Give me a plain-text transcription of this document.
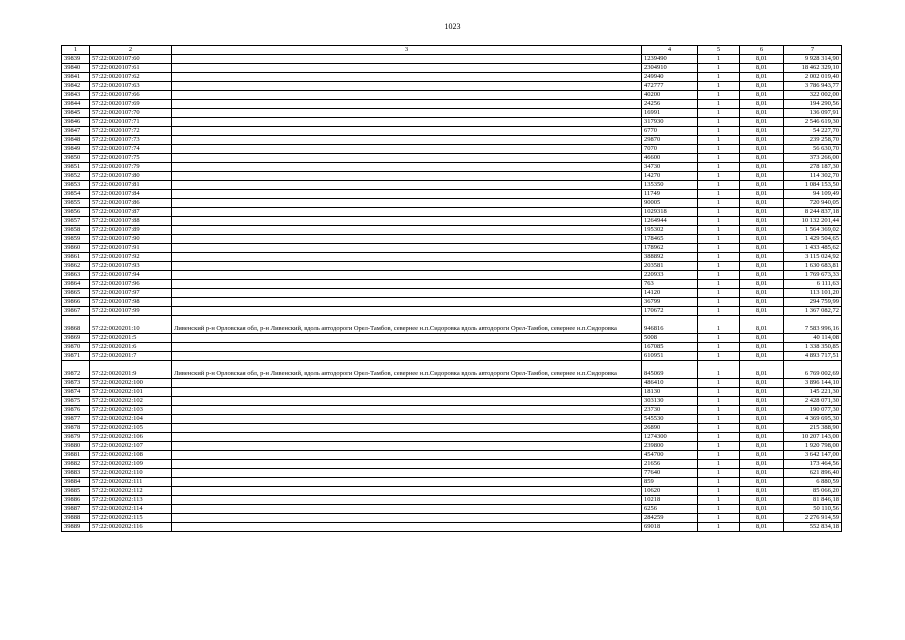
1023
1	2	3	4	5	6	7
39839	57:22:0020107:60		1239490	1	8,01	9 928 314,90
39840	57:22:0020107:61		2304910	1	8,01	18 462 329,10
39841	57:22:0020107:62		249940	1	8,01	2 002 019,40
39842	57:22:0020107:63		472777	1	8,01	3 786 943,77
39843	57:22:0020107:66		40200	1	8,01	322 002,00
39844	57:22:0020107:69		24256	1	8,01	194 290,56
39845	57:22:0020107:70		16991	1	8,01	136 097,91
39846	57:22:0020107:71		317930	1	8,01	2 546 619,30
39847	57:22:0020107:72		6770	1	8,01	54 227,70
39848	57:22:0020107:73		29870	1	8,01	239 258,70
39849	57:22:0020107:74		7070	1	8,01	56 630,70
39850	57:22:0020107:75		46600	1	8,01	373 266,00
39851	57:22:0020107:79		34730	1	8,01	278 187,30
39852	57:22:0020107:80		14270	1	8,01	114 302,70
39853	57:22:0020107:81		135350	1	8,01	1 084 153,50
39854	57:22:0020107:84		11749	1	8,01	94 109,49
39855	57:22:0020107:86		90005	1	8,01	720 940,05
39856	57:22:0020107:87		1029318	1	8,01	8 244 837,18
39857	57:22:0020107:88		1264944	1	8,01	10 132 201,44
39858	57:22:0020107:89		195302	1	8,01	1 564 369,02
39859	57:22:0020107:90		178465	1	8,01	1 429 504,65
39860	57:22:0020107:91		178962	1	8,01	1 433 485,62
39861	57:22:0020107:92		388892	1	8,01	3 115 024,92
39862	57:22:0020107:93		203581	1	8,01	1 630 683,81
39863	57:22:0020107:94		220933	1	8,01	1 769 673,33
39864	57:22:0020107:96		763	1	8,01	6 111,63
39865	57:22:0020107:97		14120	1	8,01	113 101,20
39866	57:22:0020107:98		36799	1	8,01	294 759,99
39867	57:22:0020107:99		170672	1	8,01	1 367 082,72
39868	57:22:0020201:10	Ливенский р-н Орловская обл, р-н Ливенский, вдоль автодороги Орел-Тамбов, севернее н.п.Сидоровка вдоль автодороги Орел-Тамбов, севернее н.п.Сидоровка	946816	1	8,01	7 583 996,16
39869	57:22:0020201:5		5008	1	8,01	40 114,08
39870	57:22:0020201:6		167085	1	8,01	1 338 350,85
39871	57:22:0020201:7		610951	1	8,01	4 893 717,51
39872	57:22:0020201:9	Ливенский р-н Орловская обл, р-н Ливенский, вдоль автодороги Орел-Тамбов, севернее н.п.Сидоровка вдоль автодороги Орел-Тамбов, севернее н.п.Сидоровка	845069	1	8,01	6 769 002,69
39873	57:22:0020202:100		486410	1	8,01	3 896 144,10
39874	57:22:0020202:101		18130	1	8,01	145 221,30
39875	57:22:0020202:102		303130	1	8,01	2 428 071,30
39876	57:22:0020202:103		23730	1	8,01	190 077,30
39877	57:22:0020202:104		545530	1	8,01	4 369 695,30
39878	57:22:0020202:105		26890	1	8,01	215 388,90
39879	57:22:0020202:106		1274300	1	8,01	10 207 143,00
39880	57:22:0020202:107		239800	1	8,01	1 920 798,00
39881	57:22:0020202:108		454700	1	8,01	3 642 147,00
39882	57:22:0020202:109		21656	1	8,01	173 464,56
39883	57:22:0020202:110		77640	1	8,01	621 896,40
39884	57:22:0020202:111		859	1	8,01	6 880,59
39885	57:22:0020202:112		10620	1	8,01	85 066,20
39886	57:22:0020202:113		10218	1	8,01	81 846,18
39887	57:22:0020202:114		6256	1	8,01	50 110,56
39888	57:22:0020202:115		284259	1	8,01	2 276 914,59
39889	57:22:0020202:116		69018	1	8,01	552 834,18
